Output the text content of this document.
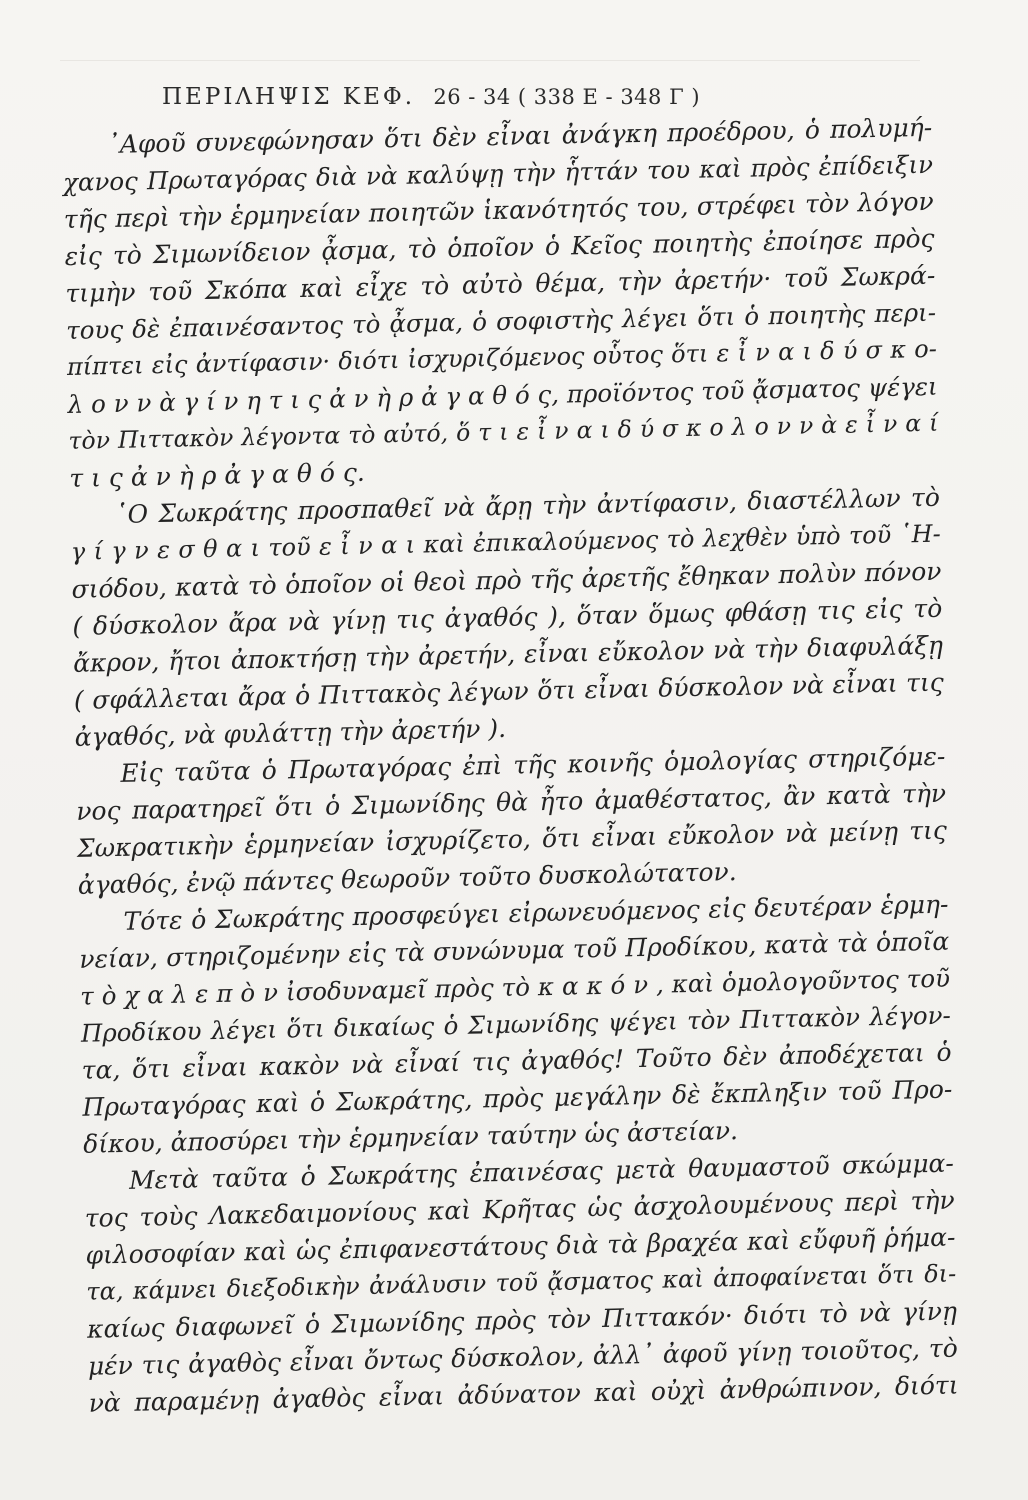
ΠΕΡΙΛΗΨΙΣ ΚΕΦ. 26 - 34 ( 338 Ε - 348 Γ )
᾿Αφοῦ συνεφώνησαν ὅτι δὲν εἶναι ἀνάγκη προέδρου, ὁ πολυμή-
χανος Πρωταγόρας διὰ νὰ καλύψῃ τὴν ἧττάν του καὶ πρὸς ἐπίδειξιν
τῆς περὶ τὴν ἑρμηνείαν ποιητῶν ἱκανότητός του, στρέφει τὸν λόγον
εἰς τὸ Σιμωνίδειον ᾆσμα, τὸ ὁποῖον ὁ Κεῖος ποιητὴς ἐποίησε πρὸς
τιμὴν τοῦ Σκόπα καὶ εἶχε τὸ αὐτὸ θέμα, τὴν ἀρετήν· τοῦ Σωκρά-
τους δὲ ἐπαινέσαντος τὸ ᾆσμα, ὁ σοφιστὴς λέγει ὅτι ὁ ποιητὴς περι-
πίπτει εἰς ἀντίφασιν· διότι ἰσχυριζόμενος οὗτος ὅτι ε ἶ ν α ι δ ύ σ κ ο-
λ ο ν ν ὰ γ ί ν η τ ι ς ἀ ν ὴ ρ ἀ γ α θ ό ς, προϊόντος τοῦ ᾄσματος ψέγει
τὸν Πιττακὸν λέγοντα τὸ αὐτό, ὅ τ ι ε ἶ ν α ι δ ύ σ κ ο λ ο ν ν ὰ ε ἶ ν α ί
τ ι ς ἀ ν ὴ ρ ἀ γ α θ ό ς.
῾Ο Σωκράτης προσπαθεῖ νὰ ἄρῃ τὴν ἀντίφασιν, διαστέλλων τὸ
γ ί γ ν ε σ θ α ι τοῦ ε ἶ ν α ι καὶ ἐπικαλούμενος τὸ λεχθὲν ὑπὸ τοῦ ῾Η-
σιόδου, κατὰ τὸ ὁποῖον οἱ θεοὶ πρὸ τῆς ἀρετῆς ἔθηκαν πολὺν πόνον
( δύσκολον ἄρα νὰ γίνῃ τις ἀγαθός ), ὅταν ὅμως φθάσῃ τις εἰς τὸ
ἄκρον, ἤτοι ἀποκτήσῃ τὴν ἀρετήν, εἶναι εὔκολον νὰ τὴν διαφυλάξῃ
( σφάλλεται ἄρα ὁ Πιττακὸς λέγων ὅτι εἶναι δύσκολον νὰ εἶναι τις
ἀγαθός, νὰ φυλάττῃ τὴν ἀρετήν ).
Εἰς ταῦτα ὁ Πρωταγόρας ἐπὶ τῆς κοινῆς ὁμολογίας στηριζόμε-
νος παρατηρεῖ ὅτι ὁ Σιμωνίδης θὰ ἦτο ἀμαθέστατος, ἂν κατὰ τὴν
Σωκρατικὴν ἑρμηνείαν ἰσχυρίζετο, ὅτι εἶναι εὔκολον νὰ μείνῃ τις
ἀγαθός, ἐνῷ πάντες θεωροῦν τοῦτο δυσκολώτατον.
Τότε ὁ Σωκράτης προσφεύγει εἰρωνευόμενος εἰς δευτέραν ἑρμη-
νείαν, στηριζομένην εἰς τὰ συνώνυμα τοῦ Προδίκου, κατὰ τὰ ὁποῖα
τ ὸ χ α λ ε π ὸ ν ἰσοδυναμεῖ πρὸς τὸ κ α κ ό ν , καὶ ὁμολογοῦντος τοῦ
Προδίκου λέγει ὅτι δικαίως ὁ Σιμωνίδης ψέγει τὸν Πιττακὸν λέγον-
τα, ὅτι εἶναι κακὸν νὰ εἶναί τις ἀγαθός! Τοῦτο δὲν ἀποδέχεται ὁ
Πρωταγόρας καὶ ὁ Σωκράτης, πρὸς μεγάλην δὲ ἔκπληξιν τοῦ Προ-
δίκου, ἀποσύρει τὴν ἑρμηνείαν ταύτην ὡς ἀστείαν.
Μετὰ ταῦτα ὁ Σωκράτης ἐπαινέσας μετὰ θαυμαστοῦ σκώμμα-
τος τοὺς Λακεδαιμονίους καὶ Κρῆτας ὡς ἀσχολουμένους περὶ τὴν
φιλοσοφίαν καὶ ὡς ἐπιφανεστάτους διὰ τὰ βραχέα καὶ εὔφυῆ ῥήμα-
τα, κάμνει διεξοδικὴν ἀνάλυσιν τοῦ ᾄσματος καὶ ἀποφαίνεται ὅτι δι-
καίως διαφωνεῖ ὁ Σιμωνίδης πρὸς τὸν Πιττακόν· διότι τὸ νὰ γίνῃ
μέν τις ἀγαθὸς εἶναι ὄντως δύσκολον, ἀλλ᾿ ἀφοῦ γίνῃ τοιοῦτος, τὸ
νὰ παραμένῃ ἀγαθὸς εἶναι ἀδύνατον καὶ οὐχὶ ἀνθρώπινον, διότι
